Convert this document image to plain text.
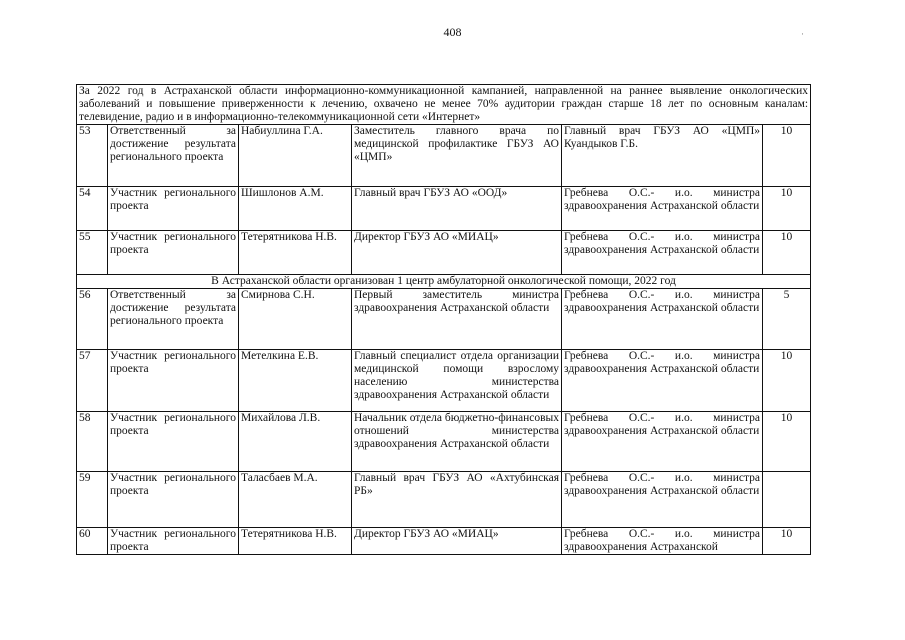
408	·
За 2022 год в Астраханской области информационно-коммуникационной кампанией, направленной на раннее выявление онкологических заболеваний и повышение приверженности к лечению, охвачено не менее 70% аудитории граждан старше 18 лет по основным каналам: телевидение, радио и в информационно-телекоммуникационной сети «Интернет»					
53	Ответственный за достижение результата регионального проекта	Набиуллина Г.А.	Заместитель главного врача по медицинской профилактике ГБУЗ АО «ЦМП»	Главный врач ГБУЗ АО «ЦМП» Куандыков Г.Б.	10
54	Участник регионального проекта	Шишлонов А.М.	Главный врач ГБУЗ АО «ООД»	Гребнева О.С.- и.о. министра здравоохранения Астраханской области	10
55	Участник регионального проекта	Тетерятникова Н.В.	Директор ГБУЗ АО «МИАЦ»	Гребнева О.С.- и.о. министра здравоохранения Астраханской области	10
В Астраханской области организован 1 центр амбулаторной онкологической помощи, 2022 год					
56	Ответственный за достижение результата регионального проекта	Смирнова С.Н.	Первый заместитель министра здравоохранения Астраханской области	Гребнева О.С.- и.о. министра здравоохранения Астраханской области	5
57	Участник регионального проекта	Метелкина Е.В.	Главный специалист отдела организации медицинской помощи взрослому населению министерства здравоохранения Астраханской области	Гребнева О.С.- и.о. министра здравоохранения Астраханской области	10
58	Участник регионального проекта	Михайлова Л.В.	Начальник отдела бюджетно-финансовых отношений министерства здравоохранения Астраханской области	Гребнева О.С.- и.о. министра здравоохранения Астраханской области	10
59	Участник регионального проекта	Таласбаев М.А.	Главный врач ГБУЗ АО «Ахтубинская РБ»	Гребнева О.С.- и.о. министра здравоохранения Астраханской области	
60	Участник регионального проекта	Тетерятникова Н.В.	Директор ГБУЗ АО «МИАЦ»	Гребнева О.С.- и.о. министра здравоохранения Астраханской	10
